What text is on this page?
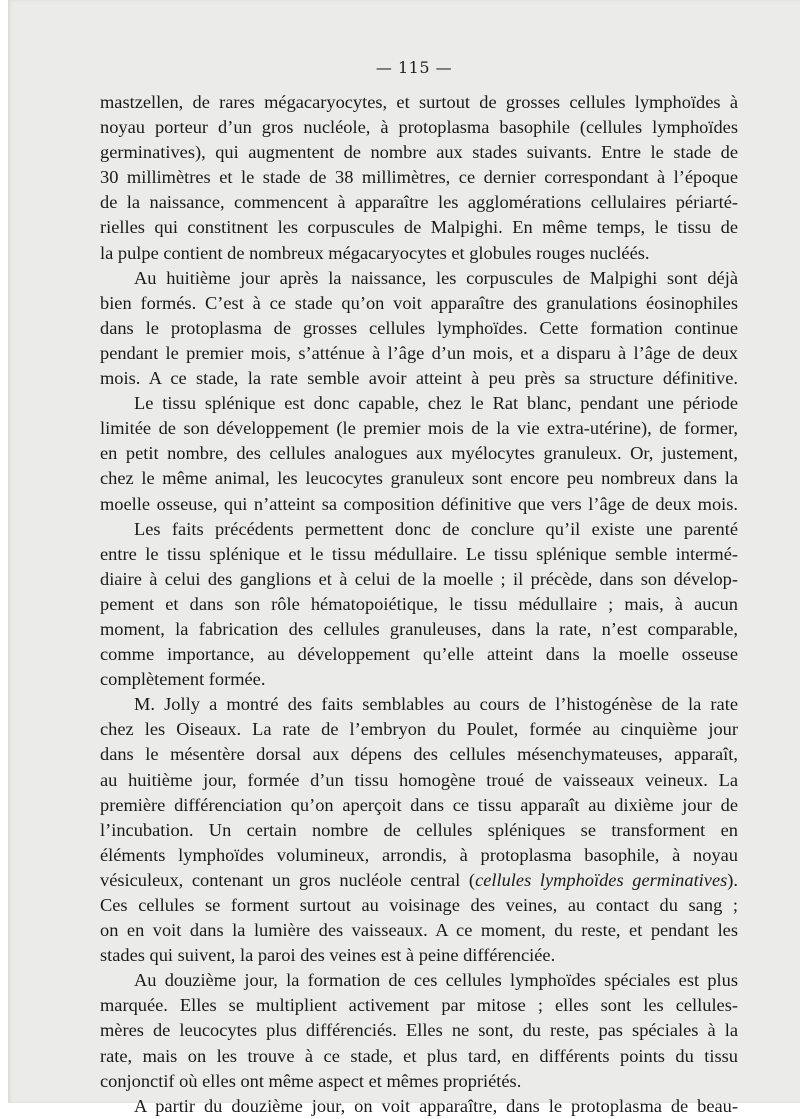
— 115 —

mastzellen, de rares mégacaryocytes, et surtout de grosses cellules lymphoïdes à
noyau porteur d’un gros nucléole, à protoplasma basophile (cellules lymphoïdes
germinatives), qui augmentent de nombre aux stades suivants. Entre le stade de
30 millimètres et le stade de 38 millimètres, ce dernier correspondant à l’époque
de la naissance, commencent à apparaître les agglomérations cellulaires périarté-
rielles qui constitnent les corpuscules de Malpighi. En même temps, le tissu de
la pulpe contient de nombreux mégacaryocytes et globules rouges nucléés.

Au huitième jour après la naissance, les corpuscules de Malpighi sont déjà
bien formés. C’est à ce stade qu’on voit apparaître des granulations éosinophiles
dans le protoplasma de grosses cellules lymphoïdes. Cette formation continue
pendant le premier mois, s’atténue à l’âge d’un mois, et a disparu à l’âge de deux
mois. A ce stade, la rate semble avoir atteint à peu près sa structure définitive.

Le tissu splénique est donc capable, chez le Rat blanc, pendant une période
limitée de son développement (le premier mois de la vie extra-utérine), de former,
en petit nombre, des cellules analogues aux myélocytes granuleux. Or, justement,
chez le même animal, les leucocytes granuleux sont encore peu nombreux dans la
moelle osseuse, qui n’atteint sa composition définitive que vers l’âge de deux mois.

Les faits précédents permettent donc de conclure qu’il existe une parenté
entre le tissu splénique et le tissu médullaire. Le tissu splénique semble intermé-
diaire à celui des ganglions et à celui de la moelle ; il précède, dans son dévelop-
pement et dans son rôle hématopoiétique, le tissu médullaire ; mais, à aucun
moment, la fabrication des cellules granuleuses, dans la rate, n’est comparable,
comme importance, au développement qu’elle atteint dans la moelle osseuse
complètement formée.

M. Jolly a montré des faits semblables au cours de l’histogénèse de la rate
chez les Oiseaux. La rate de l’embryon du Poulet, formée au cinquième jour
dans le mésentère dorsal aux dépens des cellules mésenchymateuses, apparaît,
au huitième jour, formée d’un tissu homogène troué de vaisseaux veineux. La
première différenciation qu’on aperçoit dans ce tissu apparaît au dixième jour de
l’incubation. Un certain nombre de cellules spléniques se transforment en
éléments lymphoïdes volumineux, arrondis, à protoplasma basophile, à noyau
vésiculeux, contenant un gros nucléole central (cellules lymphoïdes germinatives).
Ces cellules se forment surtout au voisinage des veines, au contact du sang ;
on en voit dans la lumière des vaisseaux. A ce moment, du reste, et pendant les
stades qui suivent, la paroi des veines est à peine différenciée.

Au douzième jour, la formation de ces cellules lymphoïdes spéciales est plus
marquée. Elles se multiplient activement par mitose ; elles sont les cellules-
mères de leucocytes plus différenciés. Elles ne sont, du reste, pas spéciales à la
rate, mais on les trouve à ce stade, et plus tard, en différents points du tissu
conjonctif où elles ont même aspect et mêmes propriétés.

A partir du douzième jour, on voit apparaître, dans le protoplasma de beau-
